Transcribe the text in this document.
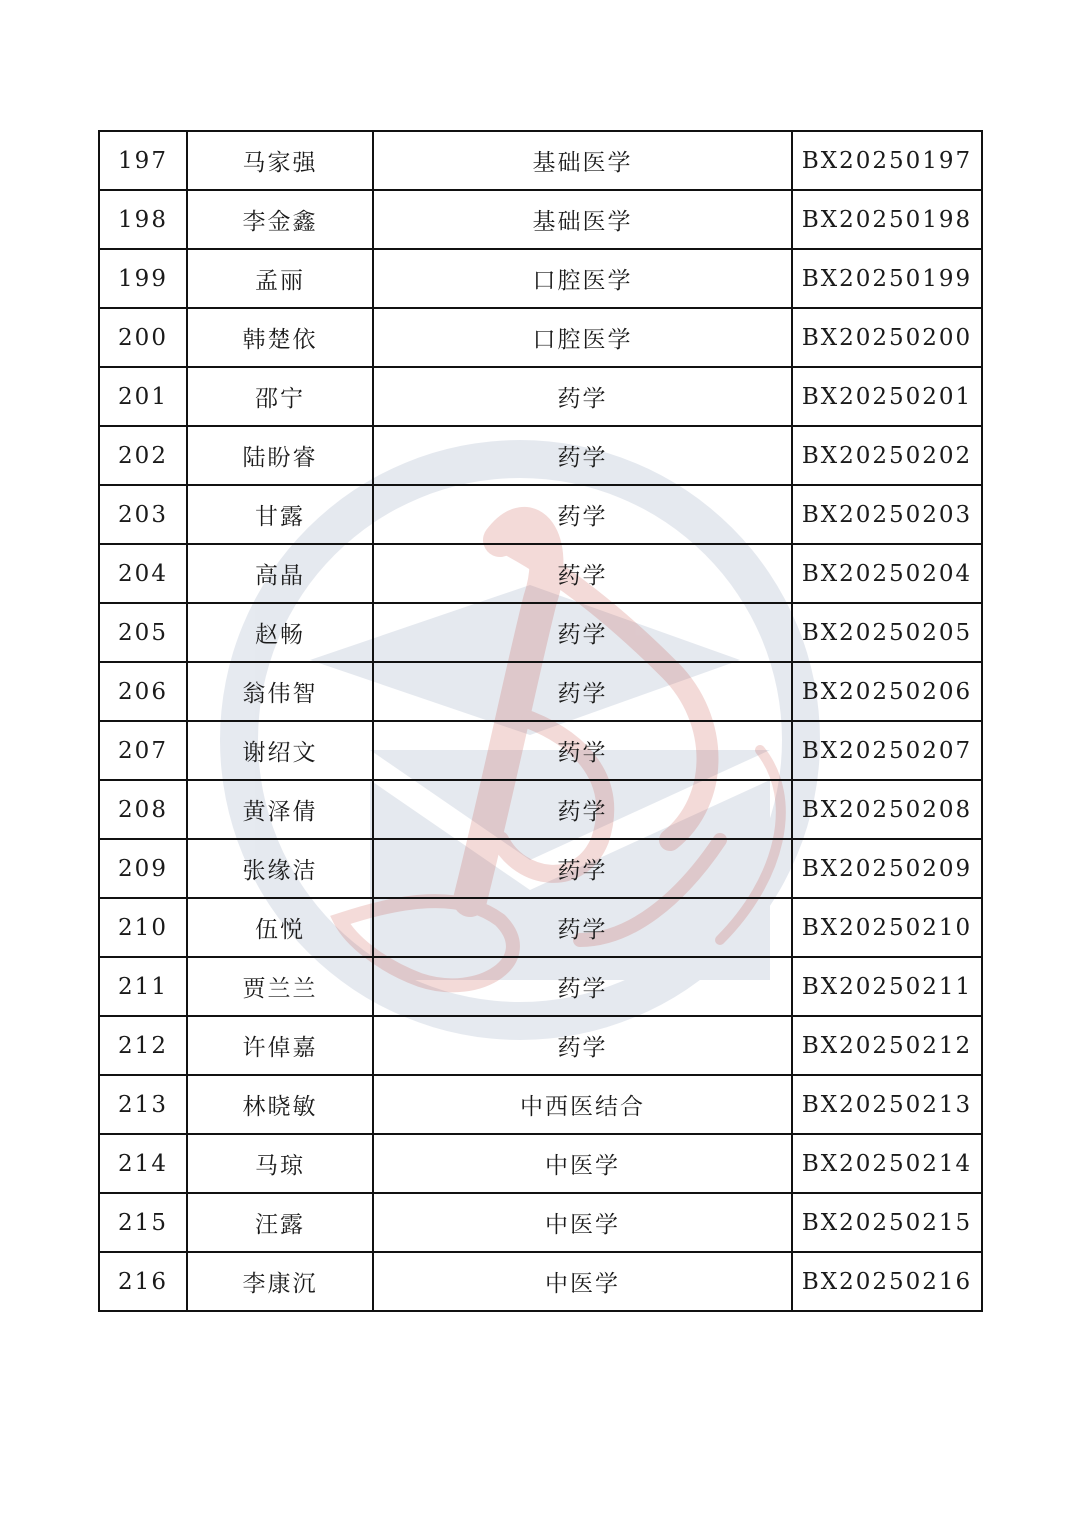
197	马家强	基础医学	BX20250197
198	李金鑫	基础医学	BX20250198
199	孟丽	口腔医学	BX20250199
200	韩楚依	口腔医学	BX20250200
201	邵宁	药学	BX20250201
202	陆盼睿	药学	BX20250202
203	甘露	药学	BX20250203
204	高晶	药学	BX20250204
205	赵畅	药学	BX20250205
206	翁伟智	药学	BX20250206
207	谢绍文	药学	BX20250207
208	黄泽倩	药学	BX20250208
209	张缘洁	药学	BX20250209
210	伍悦	药学	BX20250210
211	贾兰兰	药学	BX20250211
212	许倬嘉	药学	BX20250212
213	林晓敏	中西医结合	BX20250213
214	马琼	中医学	BX20250214
215	汪露	中医学	BX20250215
216	李康沉	中医学	BX20250216
